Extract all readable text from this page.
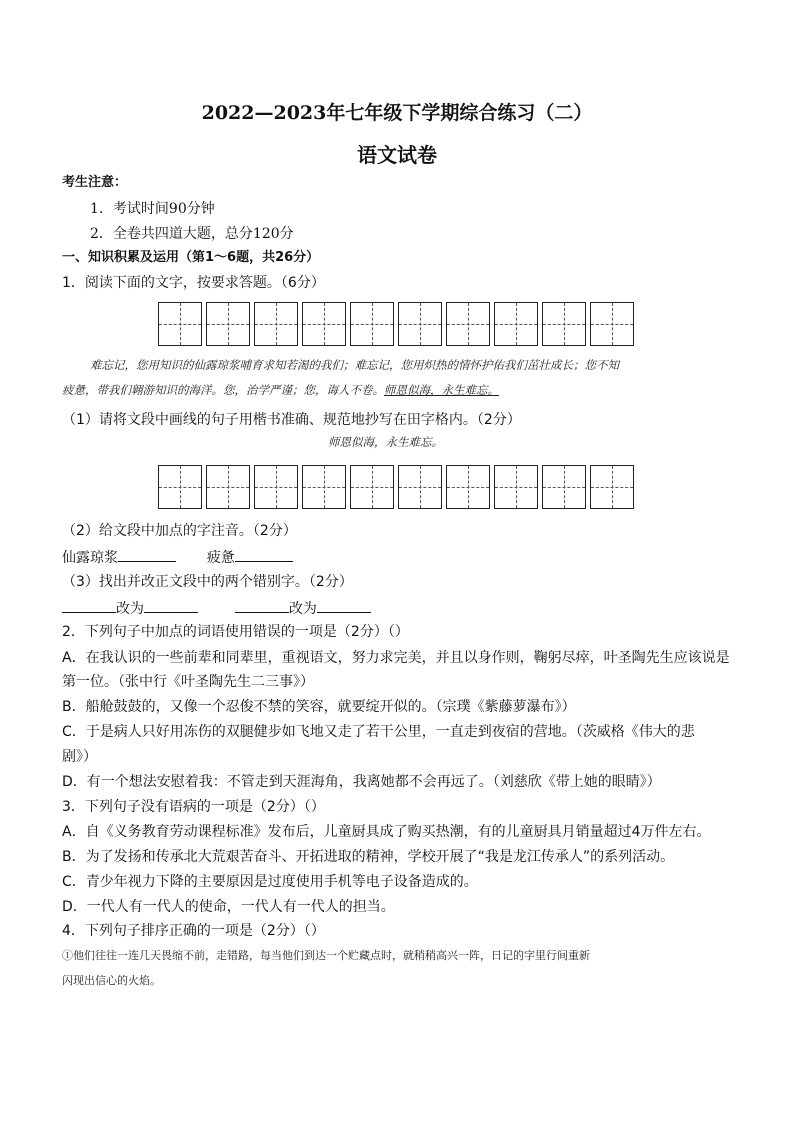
2022—2023年七年级下学期综合练习（二）
语文试卷
考生注意：
1．考试时间90分钟
2．全卷共四道大题，总分120分
一、知识积累及运用（第1～6题，共26分）
1．阅读下面的文字，按要求答题。（6分）
难忘记，您用知识的仙露琼浆哺育求知若渴的我们；难忘记，您用炽热的情怀护佑我们茁壮成长；您不知
疲惫，带我们翱游知识的海洋。您，治学严谨；您，诲人不卷。师恩似海，永生难忘。
（1）请将文段中画线的句子用楷书准确、规范地抄写在田字格内。（2分）
师恩似海，永生难忘。
（2）给文段中加点的字注音。（2分）
仙露琼浆	疲惫
（3）找出并改正文段中的两个错别字。（2分）
改为	改为
2．下列句子中加点的词语使用错误的一项是（2分）（）
A．在我认识的一些前辈和同辈里，重视语文，努力求完美，并且以身作则，鞠躬尽瘁，叶圣陶先生应该说是
第一位。（张中行《叶圣陶先生二三事》）
B．船舱鼓鼓的，又像一个忍俊不禁的笑容，就要绽开似的。（宗璞《紫藤萝瀑布》）
C．于是病人只好用冻伤的双腿健步如飞地又走了若干公里，一直走到夜宿的营地。（茨威格《伟大的悲
剧》）
D．有一个想法安慰着我：不管走到天涯海角，我离她都不会再远了。（刘慈欣《带上她的眼睛》）
3．下列句子没有语病的一项是（2分）（）
A．自《义务教育劳动课程标准》发布后，儿童厨具成了购买热潮，有的儿童厨具月销量超过4万件左右。
B．为了发扬和传承北大荒艰苦奋斗、开拓进取的精神，学校开展了“我是龙江传承人”的系列活动。
C．青少年视力下降的主要原因是过度使用手机等电子设备造成的。
D．一代人有一代人的使命，一代人有一代人的担当。
4．下列句子排序正确的一项是（2分）（）
①他们往往一连几天畏缩不前，走错路，每当他们到达一个贮藏点时，就稍稍高兴一阵，日记的字里行间重新
闪现出信心的火焰。
